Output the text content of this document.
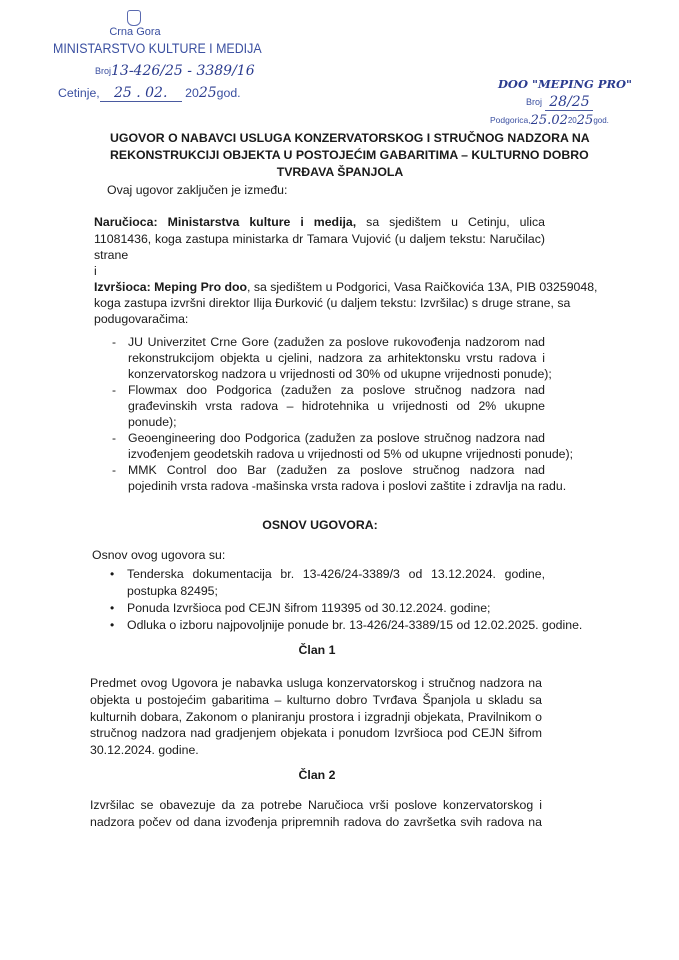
Crna Gora
MINISTARSTVO KULTURE I MEDIJA
$^{Broj}$13-426/25 - 3389/16
Cetinje, 25 . 02. 2025god.
DOO "MEPING PRO"
$^{Broj}$ 28/25
$^{Podgorica,}25.02^{20}25^{god.}$
UGOVOR O NABAVCI USLUGA KONZERVATORSKOG I STRUČNOG NADZORA NA
REKONSTRUKCIJI OBJEKTA U POSTOJEĆIM GABARITIMA – KULTURNO DOBRO
TVRĐAVA ŠPANJOLA
Ovaj ugovor zaključen je između:
Naručioca: Ministarstva kulture i medija, sa sjedištem u Cetinju, ulica
11081436, koga zastupa ministarka dr Tamara Vujović (u daljem tekstu: Naručilac)
strane
i
Izvršioca: Meping Pro doo, sa sjedištem u Podgorici, Vasa Raičkovića 13A, PIB 03259048,
koga zastupa izvršni direktor Ilija Đurković (u daljem tekstu: Izvršilac) s druge strane, sa
podugovaračima:
OSNOV UGOVORA:
Osnov ovog ugovora su:
Član 1
Član 2
- JU Univerzitet Crne Gore (zadužen za poslove rukovođenja nadzorom nad
rekonstrukcijom objekta u cjelini, nadzora za arhitektonsku vrstu radova i
konzervatorskog nadzora u vrijednosti od 30% od ukupne vrijednosti ponude);
- Flowmax doo Podgorica (zadužen za poslove stručnog nadzora nad
građevinskih vrsta radova – hidrotehnika u vrijednosti od 2% ukupne
ponude);
- Geoengineering doo Podgorica (zadužen za poslove stručnog nadzora nad
izvođenjem geodetskih radova u vrijednosti od 5% od ukupne vrijednosti ponude);
- MMK Control doo Bar (zadužen za poslove stručnog nadzora nad
pojedinih vrsta radova -mašinska vrsta radova i poslovi zaštite i zdravlja na radu.
• Tenderska dokumentacija br. 13-426/24-3389/3 od 13.12.2024. godine,
postupka 82495;
• Ponuda Izvršioca pod CEJN šifrom 119395 od 30.12.2024. godine;
• Odluka o izboru najpovoljnije ponude br. 13-426/24-3389/15 od 12.02.2025. godine.
Predmet ovog Ugovora je nabavka usluga konzervatorskog i stručnog nadzora na
objekta u postojećim gabaritima – kulturno dobro Tvrđava Španjola u skladu sa
kulturnih dobara, Zakonom o planiranju prostora i izgradnji objekata, Pravilnikom o
stručnog nadzora nad gradjenjem objekata i ponudom Izvršioca pod CEJN šifrom
30.12.2024. godine.
Izvršilac se obavezuje da za potrebe Naručioca vrši poslove konzervatorskog i
nadzora počev od dana izvođenja pripremnih radova do završetka svih radova na
